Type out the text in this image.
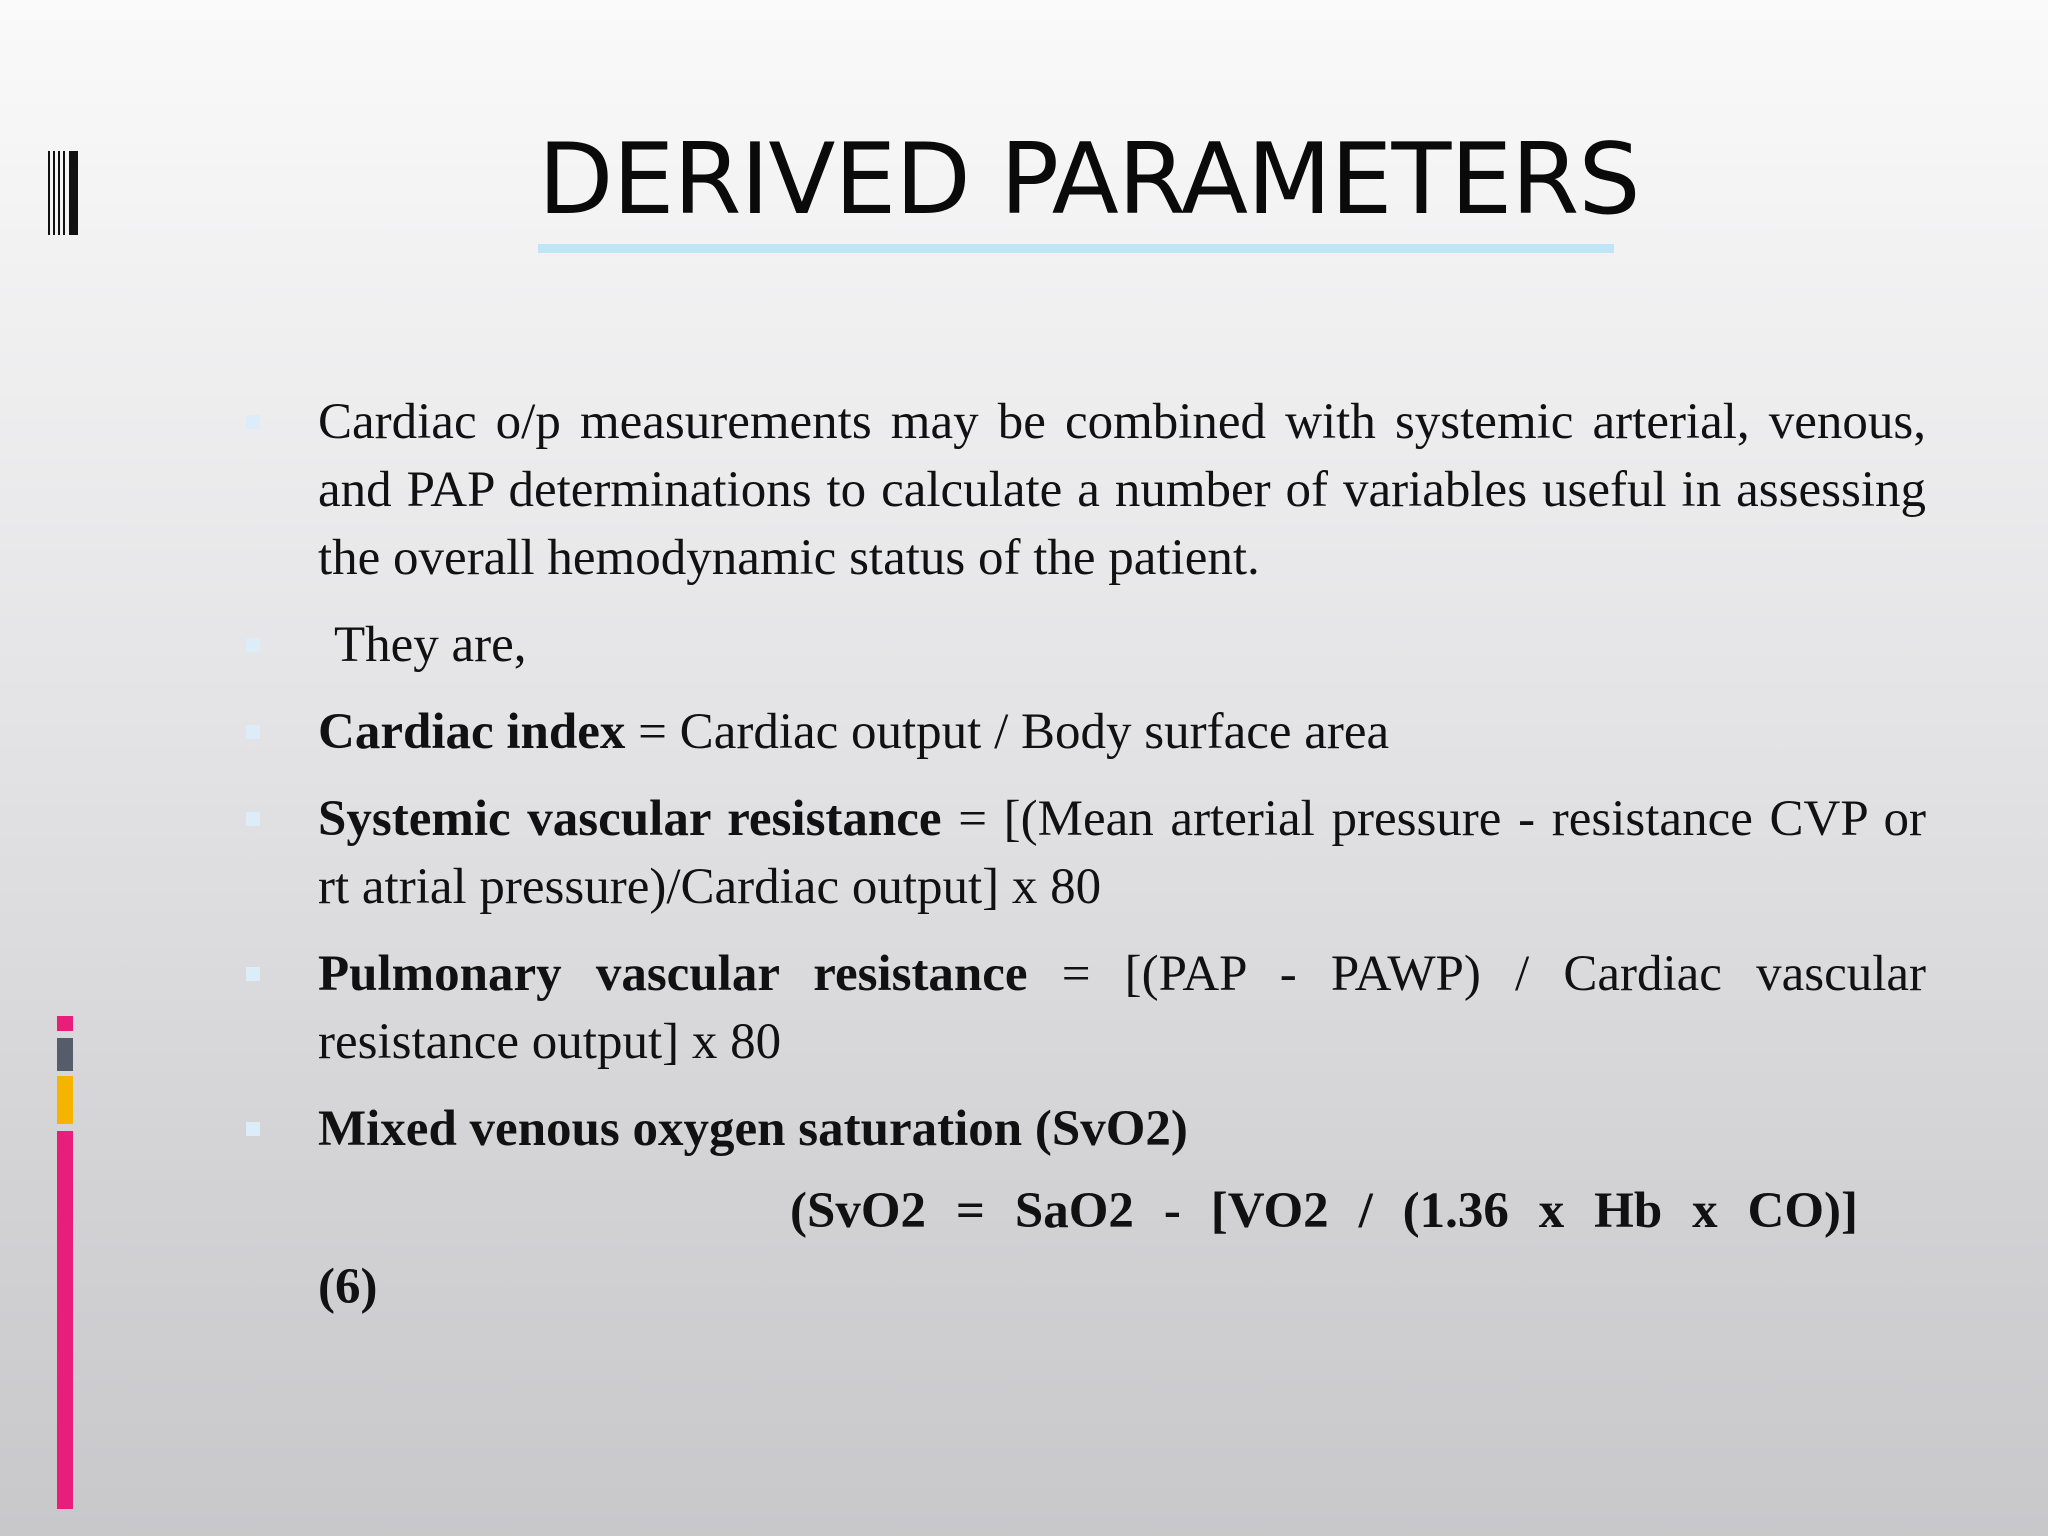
DERIVED PARAMETERS
Cardiac o/p measurements may be combined with systemic arterial, venous, and PAP determinations to calculate a number of variables useful in assessing the overall hemodynamic status of the patient.
They are,
Cardiac index = Cardiac output / Body surface area
Systemic vascular resistance = [(Mean arterial pressure - resistance CVP or rt atrial pressure)/Cardiac output] x 80
Pulmonary vascular resistance = [(PAP - PAWP) / Cardiac vascular resistance output] x 80
Mixed venous oxygen saturation (SvO2)

(SvO2 = SaO2 - [VO2 / (1.36 x Hb x CO)]

(6)
